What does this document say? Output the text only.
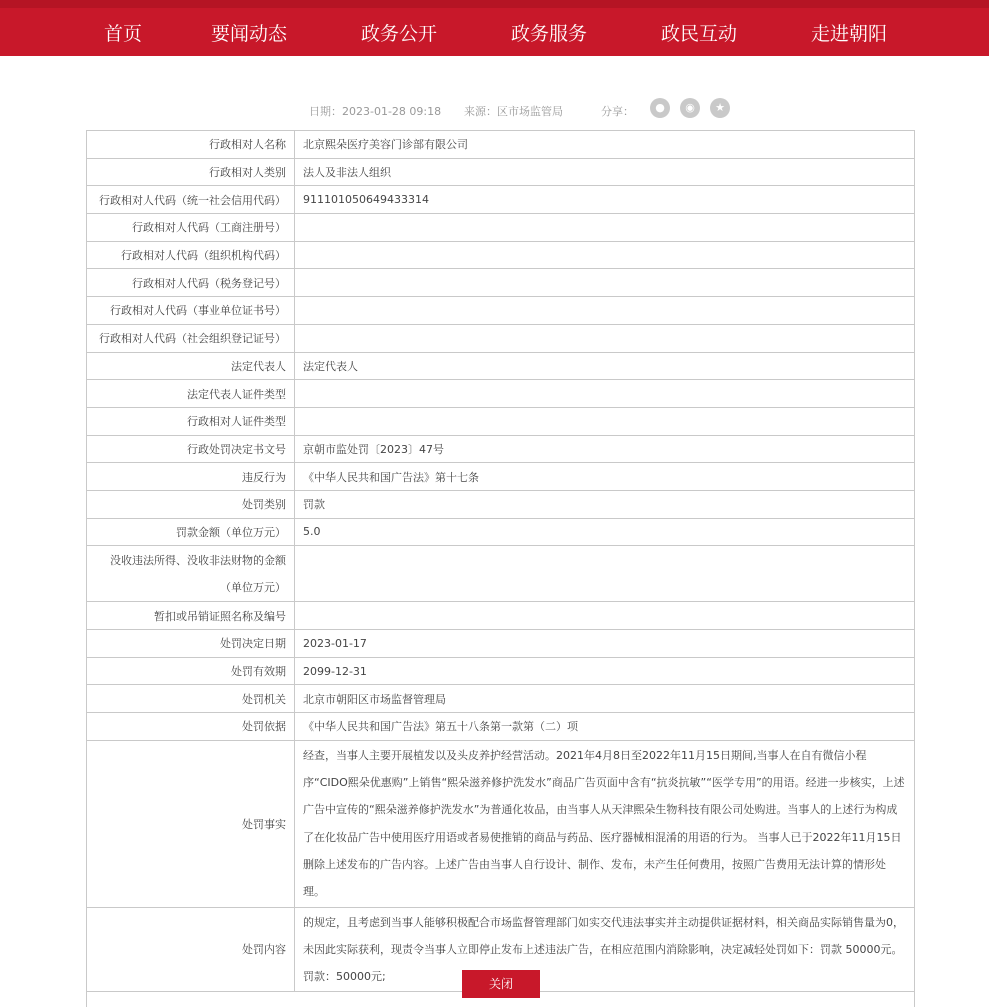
首页	要闻动态	政务公开	政务服务	政民互动	走进朝阳
日期：2023-01-28 09:18 来源：区市场监管局	分享：	●	◉	★
行政相对人名称	北京熙朵医疗美容门诊部有限公司
行政相对人类别	法人及非法人组织
行政相对人代码（统一社会信用代码）	911101050649433314
行政相对人代码（工商注册号）	
行政相对人代码（组织机构代码）	
行政相对人代码（税务登记号）	
行政相对人代码（事业单位证书号）	
行政相对人代码（社会组织登记证号）	
法定代表人	法定代表人
法定代表人证件类型	
行政相对人证件类型	
行政处罚决定书文号	京朝市监处罚〔2023〕47号
违反行为	《中华人民共和国广告法》第十七条
处罚类别	罚款
罚款金额（单位万元）	5.0
没收违法所得、没收非法财物的金额（单位万元）	
暂扣或吊销证照名称及编号	
处罚决定日期	2023-01-17
处罚有效期	2099-12-31
处罚机关	北京市朝阳区市场监督管理局
处罚依据	《中华人民共和国广告法》第五十八条第一款第（二）项
处罚事实	经查，当事人主要开展植发以及头皮养护经营活动。2021年4月8日至2022年11月15日期间,当事人在自有微信小程序“CIDO熙朵优惠购”上销售“熙朵滋养修护洗发水”商品广告页面中含有“抗炎抗敏”“医学专用”的用语。经进一步核实，上述广告中宣传的“熙朵滋养修护洗发水”为普通化妆品，由当事人从天津熙朵生物科技有限公司处购进。当事人的上述行为构成了在化妆品广告中使用医疗用语或者易使推销的商品与药品、医疗器械相混淆的用语的行为。 当事人已于2022年11月15日删除上述发布的广告内容。上述广告由当事人自行设计、制作、发布，未产生任何费用，按照广告费用无法计算的情形处理。
处罚内容	的规定，且考虑到当事人能够积极配合市场监督管理部门如实交代违法事实并主动提供证据材料，相关商品实际销售量为0，未因此实际获利，现责令当事人立即停止发布上述违法广告，在相应范围内消除影响，决定减轻处罚如下：罚款 50000元。罚款：50000元;
关闭
